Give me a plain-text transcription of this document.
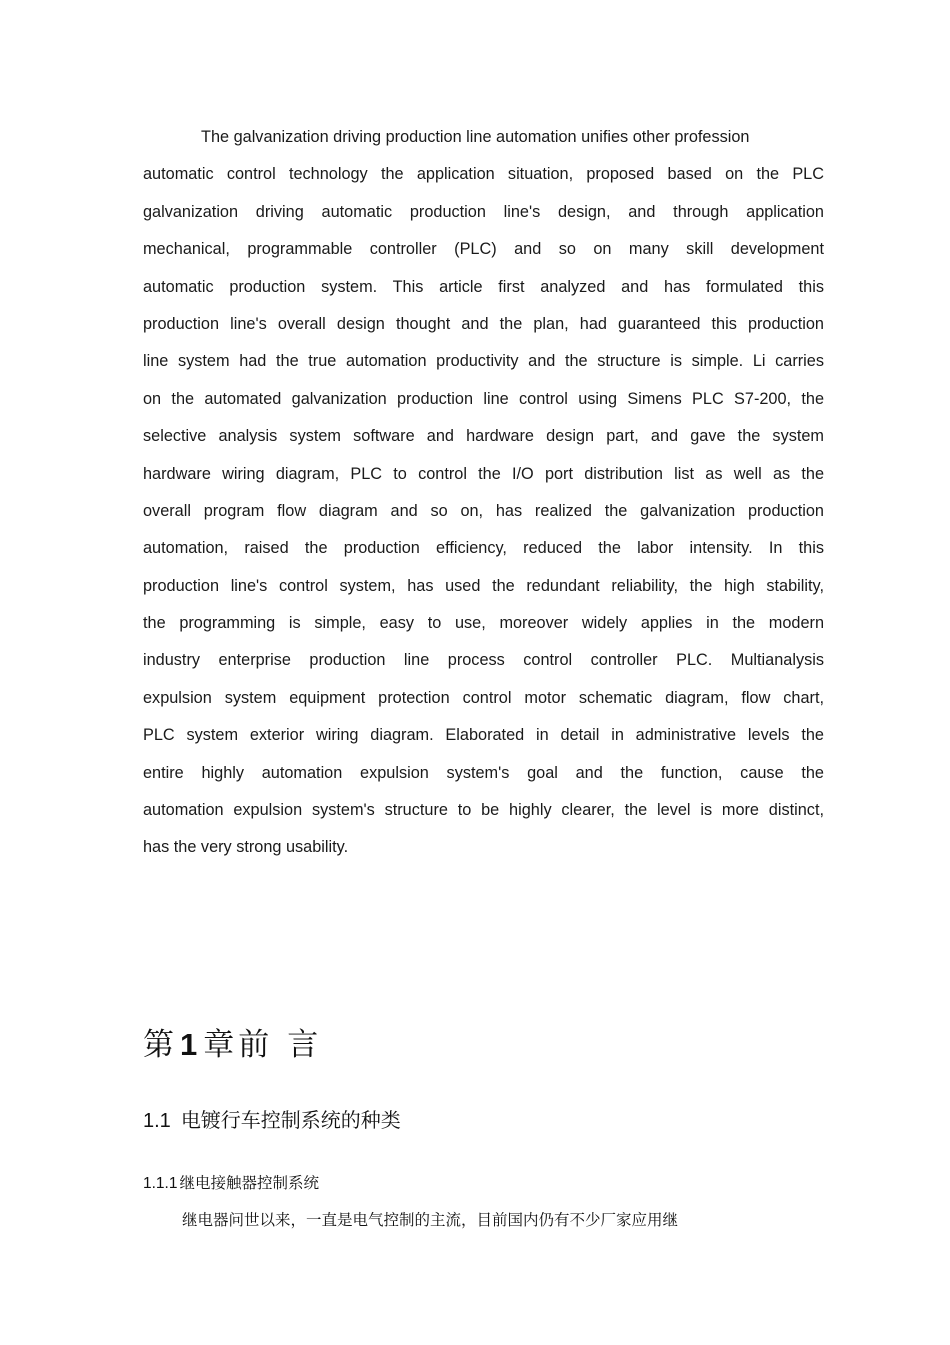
The galvanization driving production line automation unifies other profession
automatic control technology the application situation, proposed based on the PLC
galvanization driving automatic production line's design, and through application
mechanical, programmable controller (PLC) and so on many skill development
automatic production system. This article first analyzed and has formulated this
production line's overall design thought and the plan, had guaranteed this production
line system had the true automation productivity and the structure is simple. Li carries
on the automated galvanization production line control using Simens PLC S7-200, the
selective analysis system software and hardware design part, and gave the system
hardware wiring diagram, PLC to control the I/O port distribution list as well as the
overall program flow diagram and so on, has realized the galvanization production
automation, raised the production efficiency, reduced the labor intensity. In this
production line's control system, has used the redundant reliability, the high stability,
the programming is simple, easy to use, moreover widely applies in the modern
industry enterprise production line process control controller PLC. Multianalysis
expulsion system equipment protection control motor schematic diagram, flow chart,
PLC system exterior wiring diagram. Elaborated in detail in administrative levels the
entire highly automation expulsion system's goal and the function, cause the
automation expulsion system's structure to be highly clearer, the level is more distinct,
has the very strong usability.
第 1 章 前言
1.1 电镀行车控制系统的种类
1.1.1 继电接触器控制系统
继电器问世以来，一直是电气控制的主流，目前国内仍有不少厂家应用继
